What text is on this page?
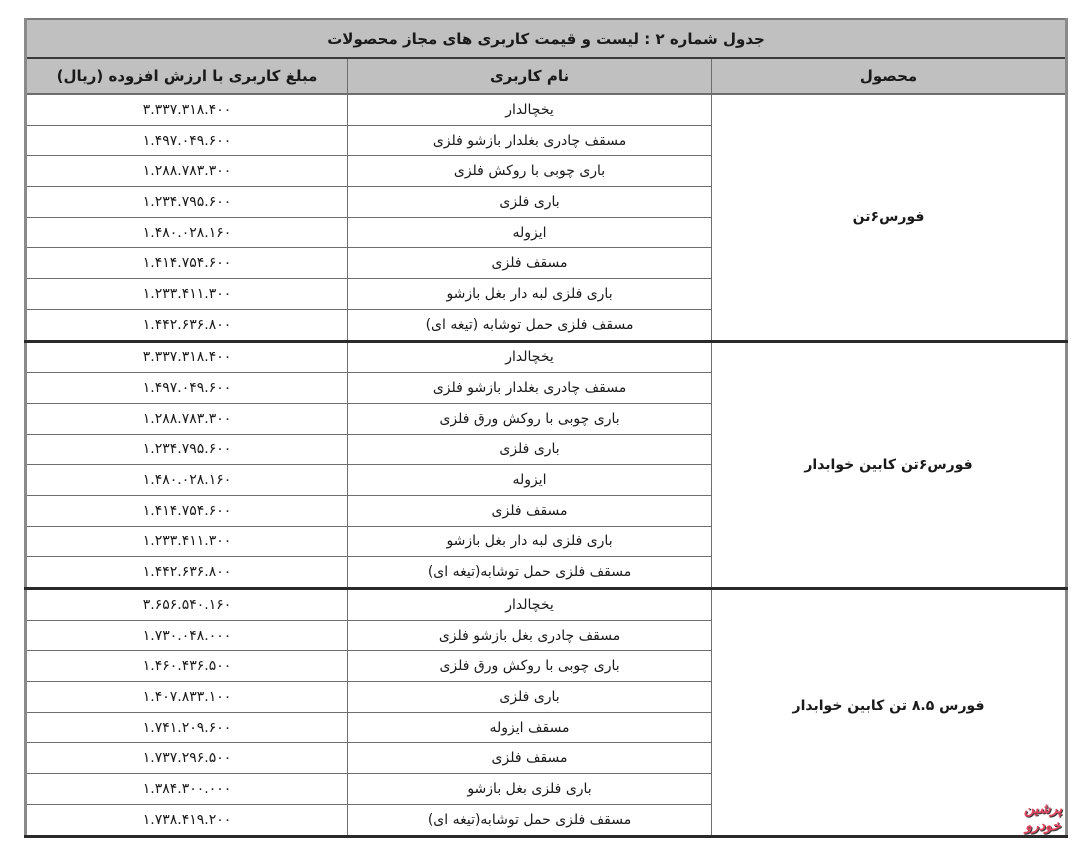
جدول شماره ۲ : لیست و قیمت کاربری های مجاز محصولات		
محصول	نام کاربری	مبلغ کاربری با ارزش افزوده (ریال)
فورس۶تن	یخچالدار	۳.۳۳۷.۳۱۸.۴۰۰
	مسقف چادری بغلدار بازشو فلزی	۱.۴۹۷.۰۴۹.۶۰۰
	باری چوبی با روکش فلزی	۱.۲۸۸.۷۸۳.۳۰۰
	باری فلزی	۱.۲۳۴.۷۹۵.۶۰۰
	ایزوله	۱.۴۸۰.۰۲۸.۱۶۰
	مسقف فلزی	۱.۴۱۴.۷۵۴.۶۰۰
	باری فلزی لبه دار بغل بازشو	۱.۲۳۳.۴۱۱.۳۰۰
	مسقف فلزی حمل توشابه (تیغه ای)	۱.۴۴۲.۶۳۶.۸۰۰
فورس۶تن کابین خوابدار	یخچالدار	۳.۳۳۷.۳۱۸.۴۰۰
	مسقف چادری بغلدار بازشو فلزی	۱.۴۹۷.۰۴۹.۶۰۰
	باری چوبی با روکش ورق فلزی	۱.۲۸۸.۷۸۳.۳۰۰
	باری فلزی	۱.۲۳۴.۷۹۵.۶۰۰
	ایزوله	۱.۴۸۰.۰۲۸.۱۶۰
	مسقف فلزی	۱.۴۱۴.۷۵۴.۶۰۰
	باری فلزی لبه دار بغل بازشو	۱.۲۳۳.۴۱۱.۳۰۰
	مسقف فلزی حمل توشابه(تیغه ای)	۱.۴۴۲.۶۳۶.۸۰۰
فورس ۸.۵ تن کابین خوابدار	یخچالدار	۳.۶۵۶.۵۴۰.۱۶۰
	مسقف چادری بغل بازشو فلزی	۱.۷۳۰.۰۴۸.۰۰۰
	باری چوبی با روکش ورق فلزی	۱.۴۶۰.۴۳۶.۵۰۰
	باری فلزی	۱.۴۰۷.۸۳۳.۱۰۰
	مسقف ایزوله	۱.۷۴۱.۲۰۹.۶۰۰
	مسقف فلزی	۱.۷۳۷.۲۹۶.۵۰۰
	باری فلزی بغل بازشو	۱.۳۸۴.۳۰۰.۰۰۰
	مسقف فلزی حمل توشابه(تیغه ای)	۱.۷۳۸.۴۱۹.۲۰۰
پرشین
خودرو
